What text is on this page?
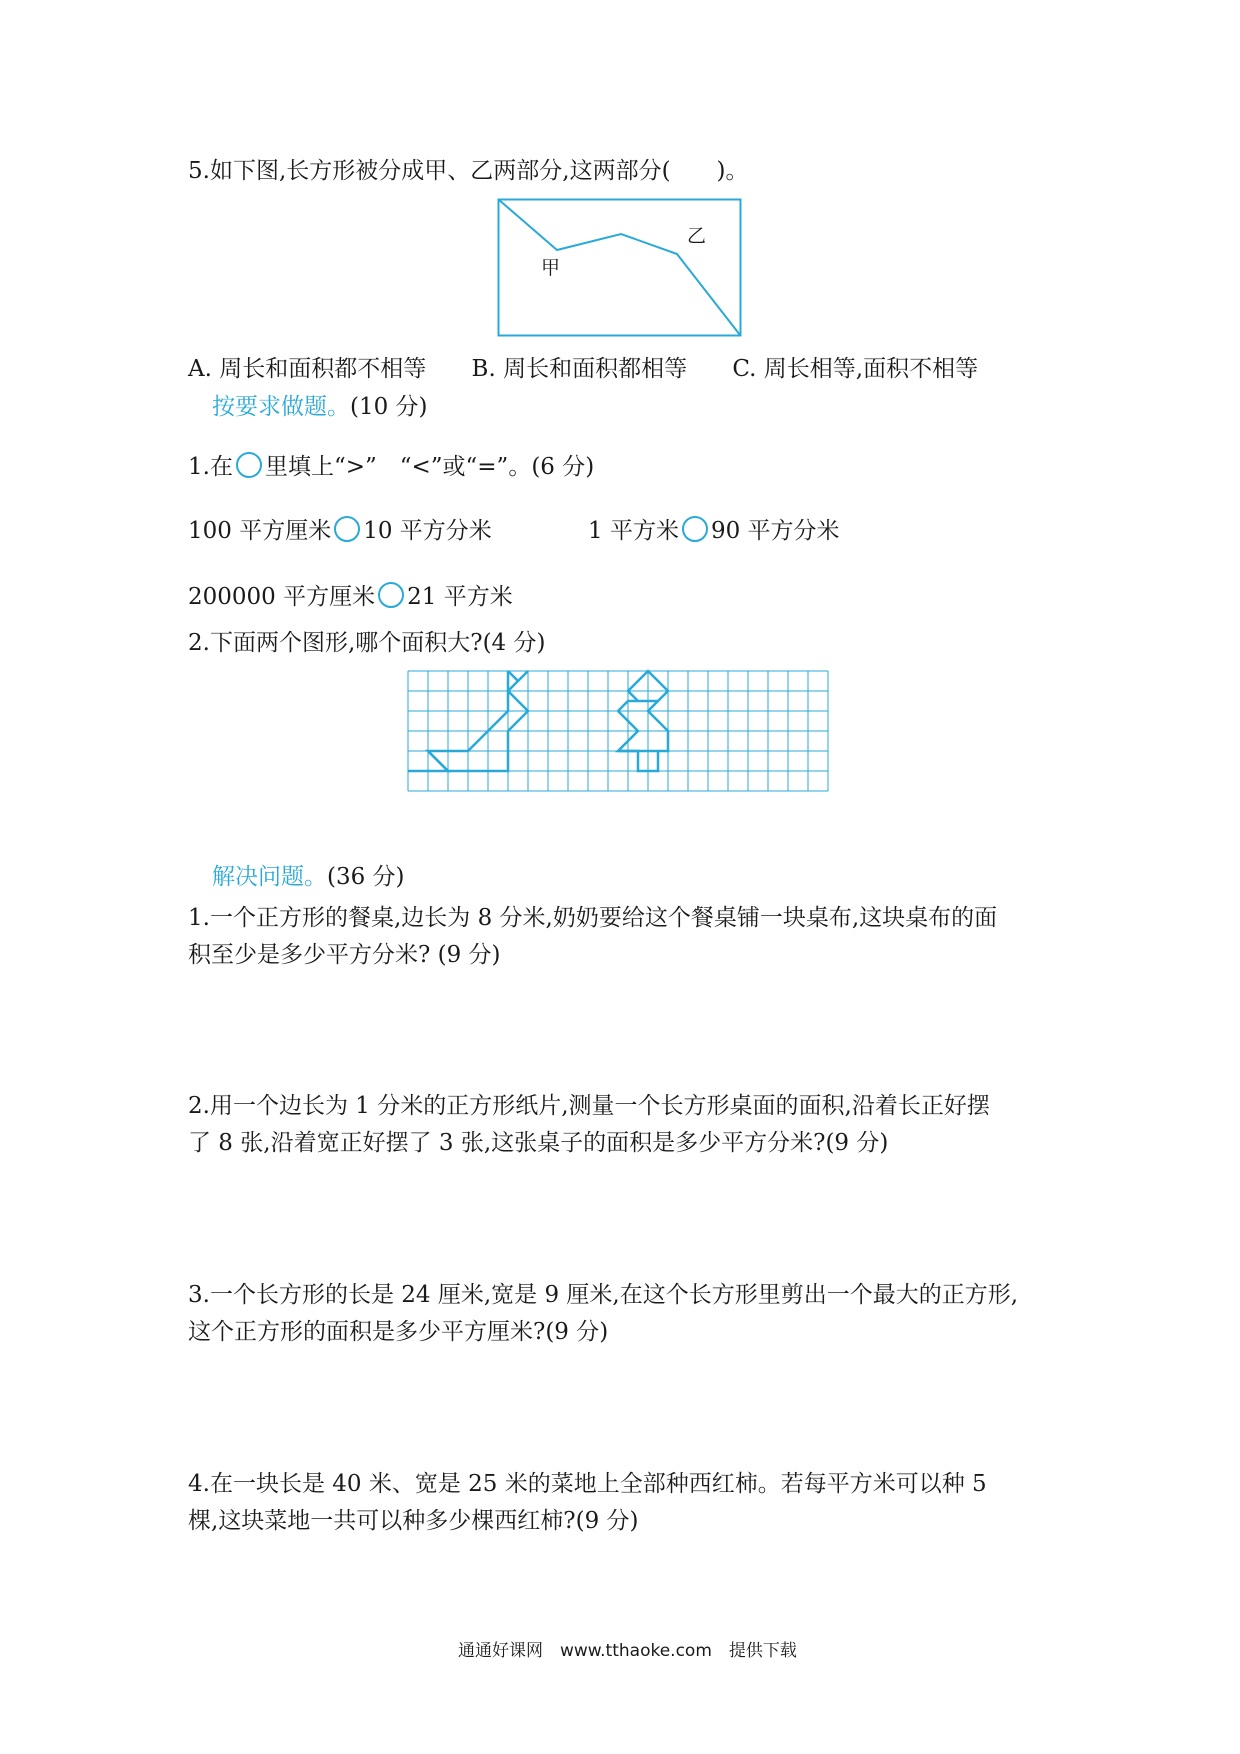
5.如下图,长方形被分成甲、乙两部分,这两部分(　　)。
甲
乙
A. 周长和面积都不相等 B. 周长和面积都相等 C. 周长相等,面积不相等
按要求做题。(10 分)
1.在 里填上“>”　“<”或“=”。(6 分)
100 平方厘米 10 平方分米	1 平方米 90 平方分米
200000 平方厘米 21 平方米
2.下面两个图形,哪个面积大?(4 分)
解决问题。(36 分)
1.一个正方形的餐桌,边长为 8 分米,奶奶要给这个餐桌铺一块桌布,这块桌布的面
积至少是多少平方分米? (9 分)
2.用一个边长为 1 分米的正方形纸片,测量一个长方形桌面的面积,沿着长正好摆
了 8 张,沿着宽正好摆了 3 张,这张桌子的面积是多少平方分米?(9 分)
3.一个长方形的长是 24 厘米,宽是 9 厘米,在这个长方形里剪出一个最大的正方形,
这个正方形的面积是多少平方厘米?(9 分)
4.在一块长是 40 米、宽是 25 米的菜地上全部种西红柿。若每平方米可以种 5
棵,这块菜地一共可以种多少棵西红柿?(9 分)
通通好课网　www.tthaoke.com　提供下载
